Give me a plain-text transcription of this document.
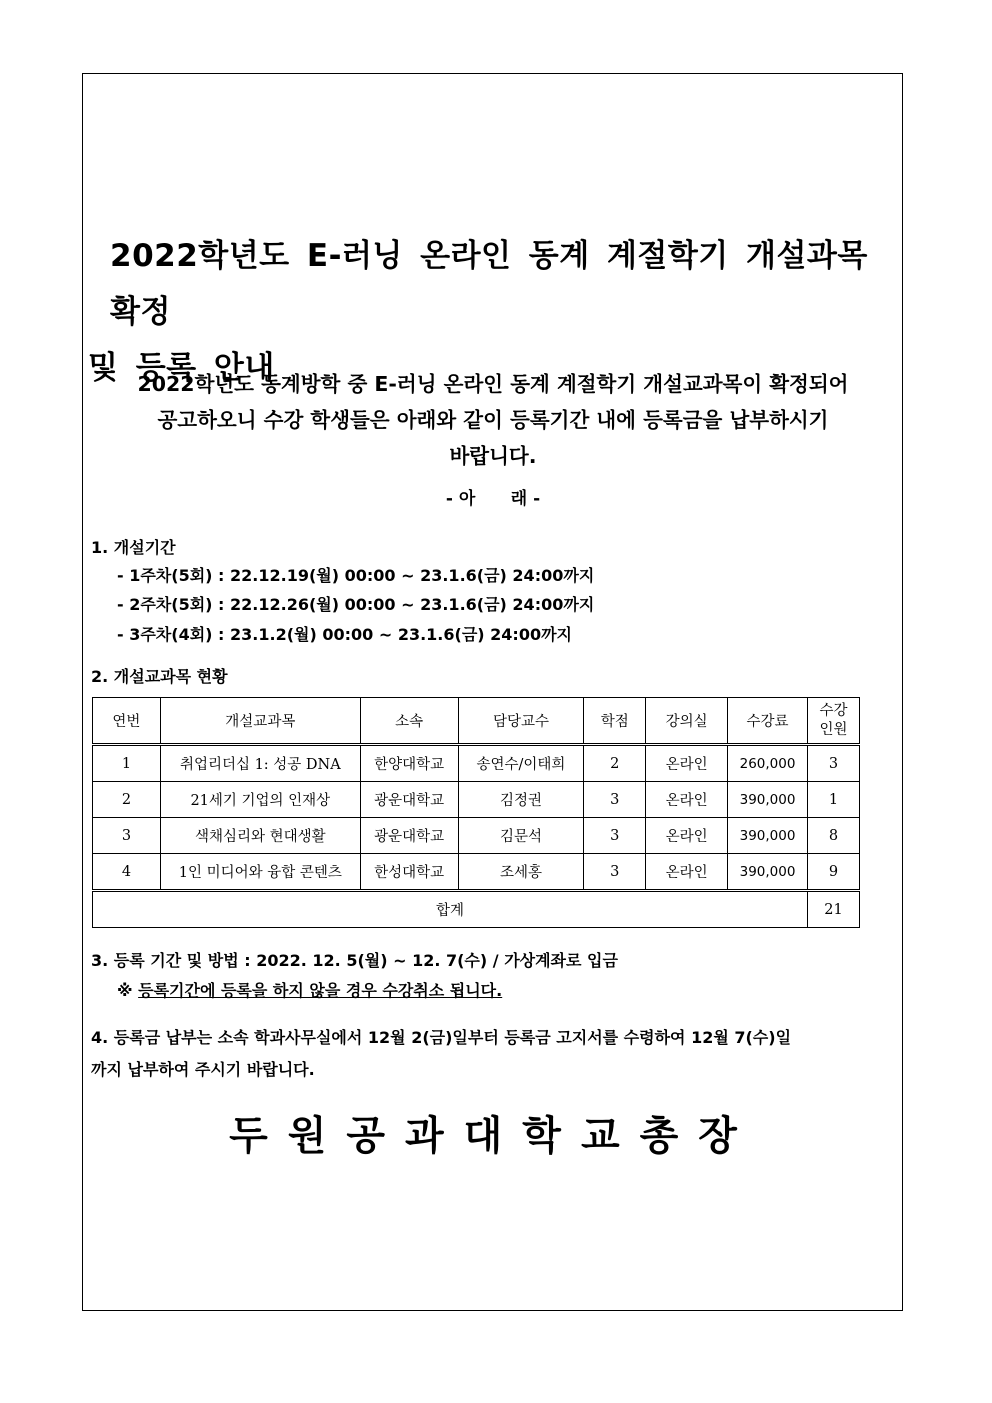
2022학년도 E-러닝 온라인 동계 계절학기 개설과목 확정
및 등록 안내
2022학년도 동계방학 중 E-러닝 온라인 동계 계절학기 개설교과목이 확정되어
공고하오니 수강 학생들은 아래와 같이 등록기간 내에 등록금을 납부하시기
바랍니다.
- 아      래 -
1. 개설기간
- 1주차(5회) : 22.12.19(월) 00:00 ~ 23.1.6(금) 24:00까지
- 2주차(5회) : 22.12.26(월) 00:00 ~ 23.1.6(금) 24:00까지
- 3주차(4회) : 23.1.2(월) 00:00 ~ 23.1.6(금) 24:00까지
2. 개설교과목 현황
연번	개설교과목	소속	담당교수	학점	강의실	수강료	수강
인원
1	취업리더십 1: 성공 DNA	한양대학교	송연수/이태희	2	온라인	260,000	3
2	21세기 기업의 인재상	광운대학교	김정권	3	온라인	390,000	1
3	색채심리와 현대생활	광운대학교	김문석	3	온라인	390,000	8
4	1인 미디어와 융합 콘텐츠	한성대학교	조세홍	3	온라인	390,000	9
합계							21
3. 등록 기간 및 방법 : 2022. 12. 5(월) ~ 12. 7(수) / 가상계좌로 입금
※ 등록기간에 등록을 하지 않을 경우 수강취소 됩니다.
4. 등록금 납부는 소속 학과사무실에서 12월 2(금)일부터 등록금 고지서를 수령하여 12월 7(수)일
까지 납부하여 주시기 바랍니다.
두원공과대학교총장
